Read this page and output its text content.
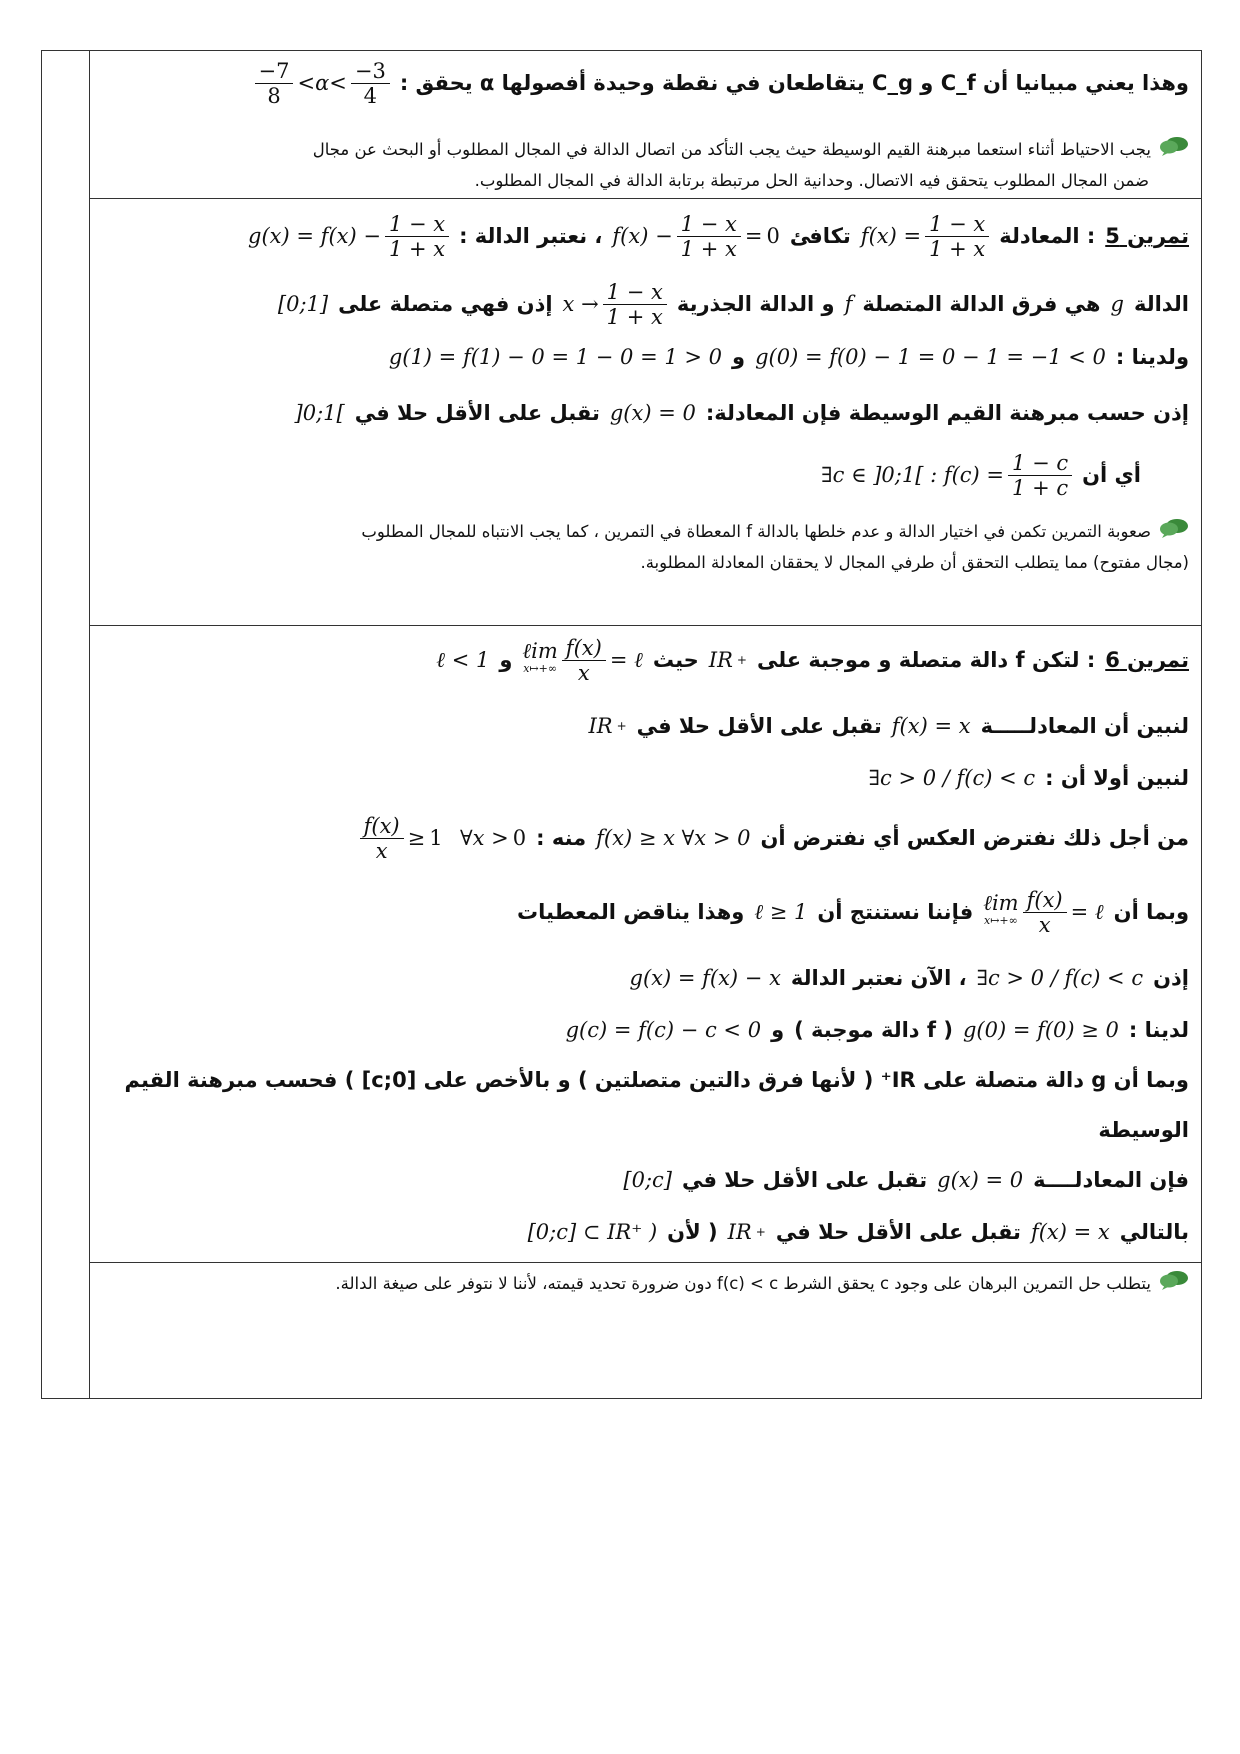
وهذا يعني مبيانيا أن C_f و C_g يتقاطعان في نقطة وحيدة أفصولها α يحقق :
$\frac{-7}{8} <\alpha< \frac{-3}{4}$
يجب الاحتياط أثناء استعما مبرهنة القيم الوسيطة حيث يجب التأكد من اتصال الدالة في المجال المطلوب أو البحث عن مجال
ضمن المجال المطلوب يتحقق فيه الاتصال. وحدانية الحل مرتبطة برتابة الدالة في المجال المطلوب.
تمرين 5
: المعادلة
$f(x) = \frac{1 - x}{1 + x}$
تكافئ
$f(x) - \frac{1 - x}{1 + x} = 0$
، نعتبر الدالة :
$g(x) = f(x) - \frac{1 - x}{1 + x}$
الدالة
g
هي فرق الدالة المتصلة
f
و الدالة الجذرية
$x \to \frac{1 - x}{1 + x}$
إذن فهي متصلة على
[0;1]
ولدينا :
g(0) = f(0) − 1 = 0 − 1 = −1 < 0
و
g(1) = f(1) − 0 = 1 − 0 = 1 > 0
إذن حسب مبرهنة القيم الوسيطة فإن المعادلة:
g(x) = 0
تقبل على الأقل حلا في
]0;1[
أي أن
∃c ∈ ]0;1[ : $f(c) = \frac{1 - c}{1 + c}$
صعوبة التمرين تكمن في اختيار الدالة و عدم خلطها بالدالة f المعطاة في التمرين ، كما يجب الانتباه للمجال المطلوب
(مجال مفتوح) مما يتطلب التحقق أن طرفي المجال لا يحققان المعادلة المطلوبة.
تمرين 6
: لتكن f دالة متصلة و موجبة على
IR +
حيث
ℓim
x↦+∞ $\frac{f(x)}{x}$ = ℓ
و
ℓ < 1
لنبين أن المعادلـــــة
f(x) = x
تقبل على الأقل حلا في
IR +
لنبين أولا أن :
∃c > 0 / f(c) < c
من أجل ذلك نفترض العكس أي نفترض أن
f(x) ≥ x ∀x > 0
منه :
$\frac{f(x)}{x} \ge 1$ ∀x > 0
وبما أن
ℓim
x↦+∞ $\frac{f(x)}{x}$ = ℓ
فإننا نستنتج أن
ℓ ≥ 1
وهذا يناقض المعطيات
إذن
∃c > 0 / f(c) < c
، الآن نعتبر الدالة
g(x) = f(x) − x
لدينا :
g(0) = f(0) ≥ 0
( f دالة موجبة )
و
g(c) = f(c) − c < 0
وبما أن g دالة متصلة على IR⁺ ( لأنها فرق دالتين متصلتين ) و بالأخص على [0;c] ) فحسب مبرهنة القيم
الوسيطة
فإن المعادلــــة
g(x) = 0
تقبل على الأقل حلا في
[0;c]
بالتالي
f(x) = x
تقبل على الأقل حلا في
IR +
( لأن
[0;c] ⊂ IR⁺ )
يتطلب حل التمرين البرهان على وجود c يحقق الشرط f(c) < c دون ضرورة تحديد قيمته، لأننا لا نتوفر على صيغة الدالة.
